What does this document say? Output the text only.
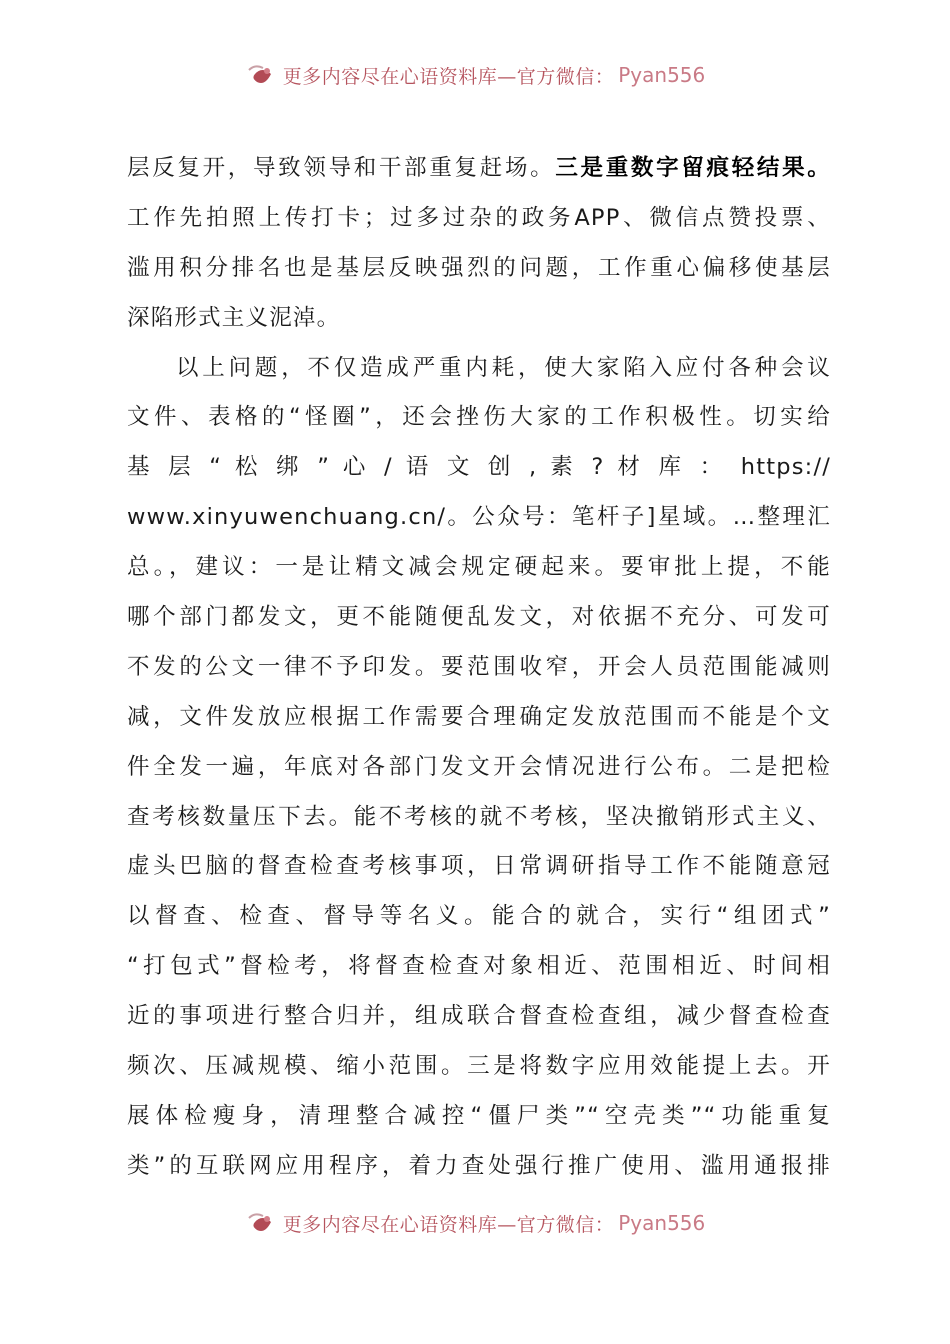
更多内容尽在心语资料库—官方微信： Pyan556
层反复开，导致领导和干部重复赶场。三是重数字留痕轻结果。
工作先拍照上传打卡；过多过杂的政务APP、微信点赞投票、
滥用积分排名也是基层反映强烈的问题，工作重心偏移使基层
深陷形式主义泥淖。
以上问题，不仅造成严重内耗，使大家陷入应付各种会议
文件、表格的“怪圈”，还会挫伤大家的工作积极性。切实给
基 层 “ 松 绑 ” 心 / 语 文 创 , 素 ? 材 库 ： https://
www.xinyuwenchuang.cn/。公众号：笔杆子]星域。…整理汇
总。，建议：一是让精文减会规定硬起来。要审批上提，不能
哪个部门都发文，更不能随便乱发文，对依据不充分、可发可
不发的公文一律不予印发。要范围收窄，开会人员范围能减则
减，文件发放应根据工作需要合理确定发放范围而不能是个文
件全发一遍，年底对各部门发文开会情况进行公布。二是把检
查考核数量压下去。能不考核的就不考核，坚决撤销形式主义、
虚头巴脑的督查检查考核事项，日常调研指导工作不能随意冠
以督查、检查、督导等名义。能合的就合，实行“组团式”
“打包式”督检考，将督查检查对象相近、范围相近、时间相
近的事项进行整合归并，组成联合督查检查组，减少督查检查
频次、压减规模、缩小范围。三是将数字应用效能提上去。开
展体检瘦身，清理整合减控“僵尸类”“空壳类”“功能重复
类”的互联网应用程序，着力查处强行推广使用、滥用通报排
更多内容尽在心语资料库—官方微信： Pyan556
